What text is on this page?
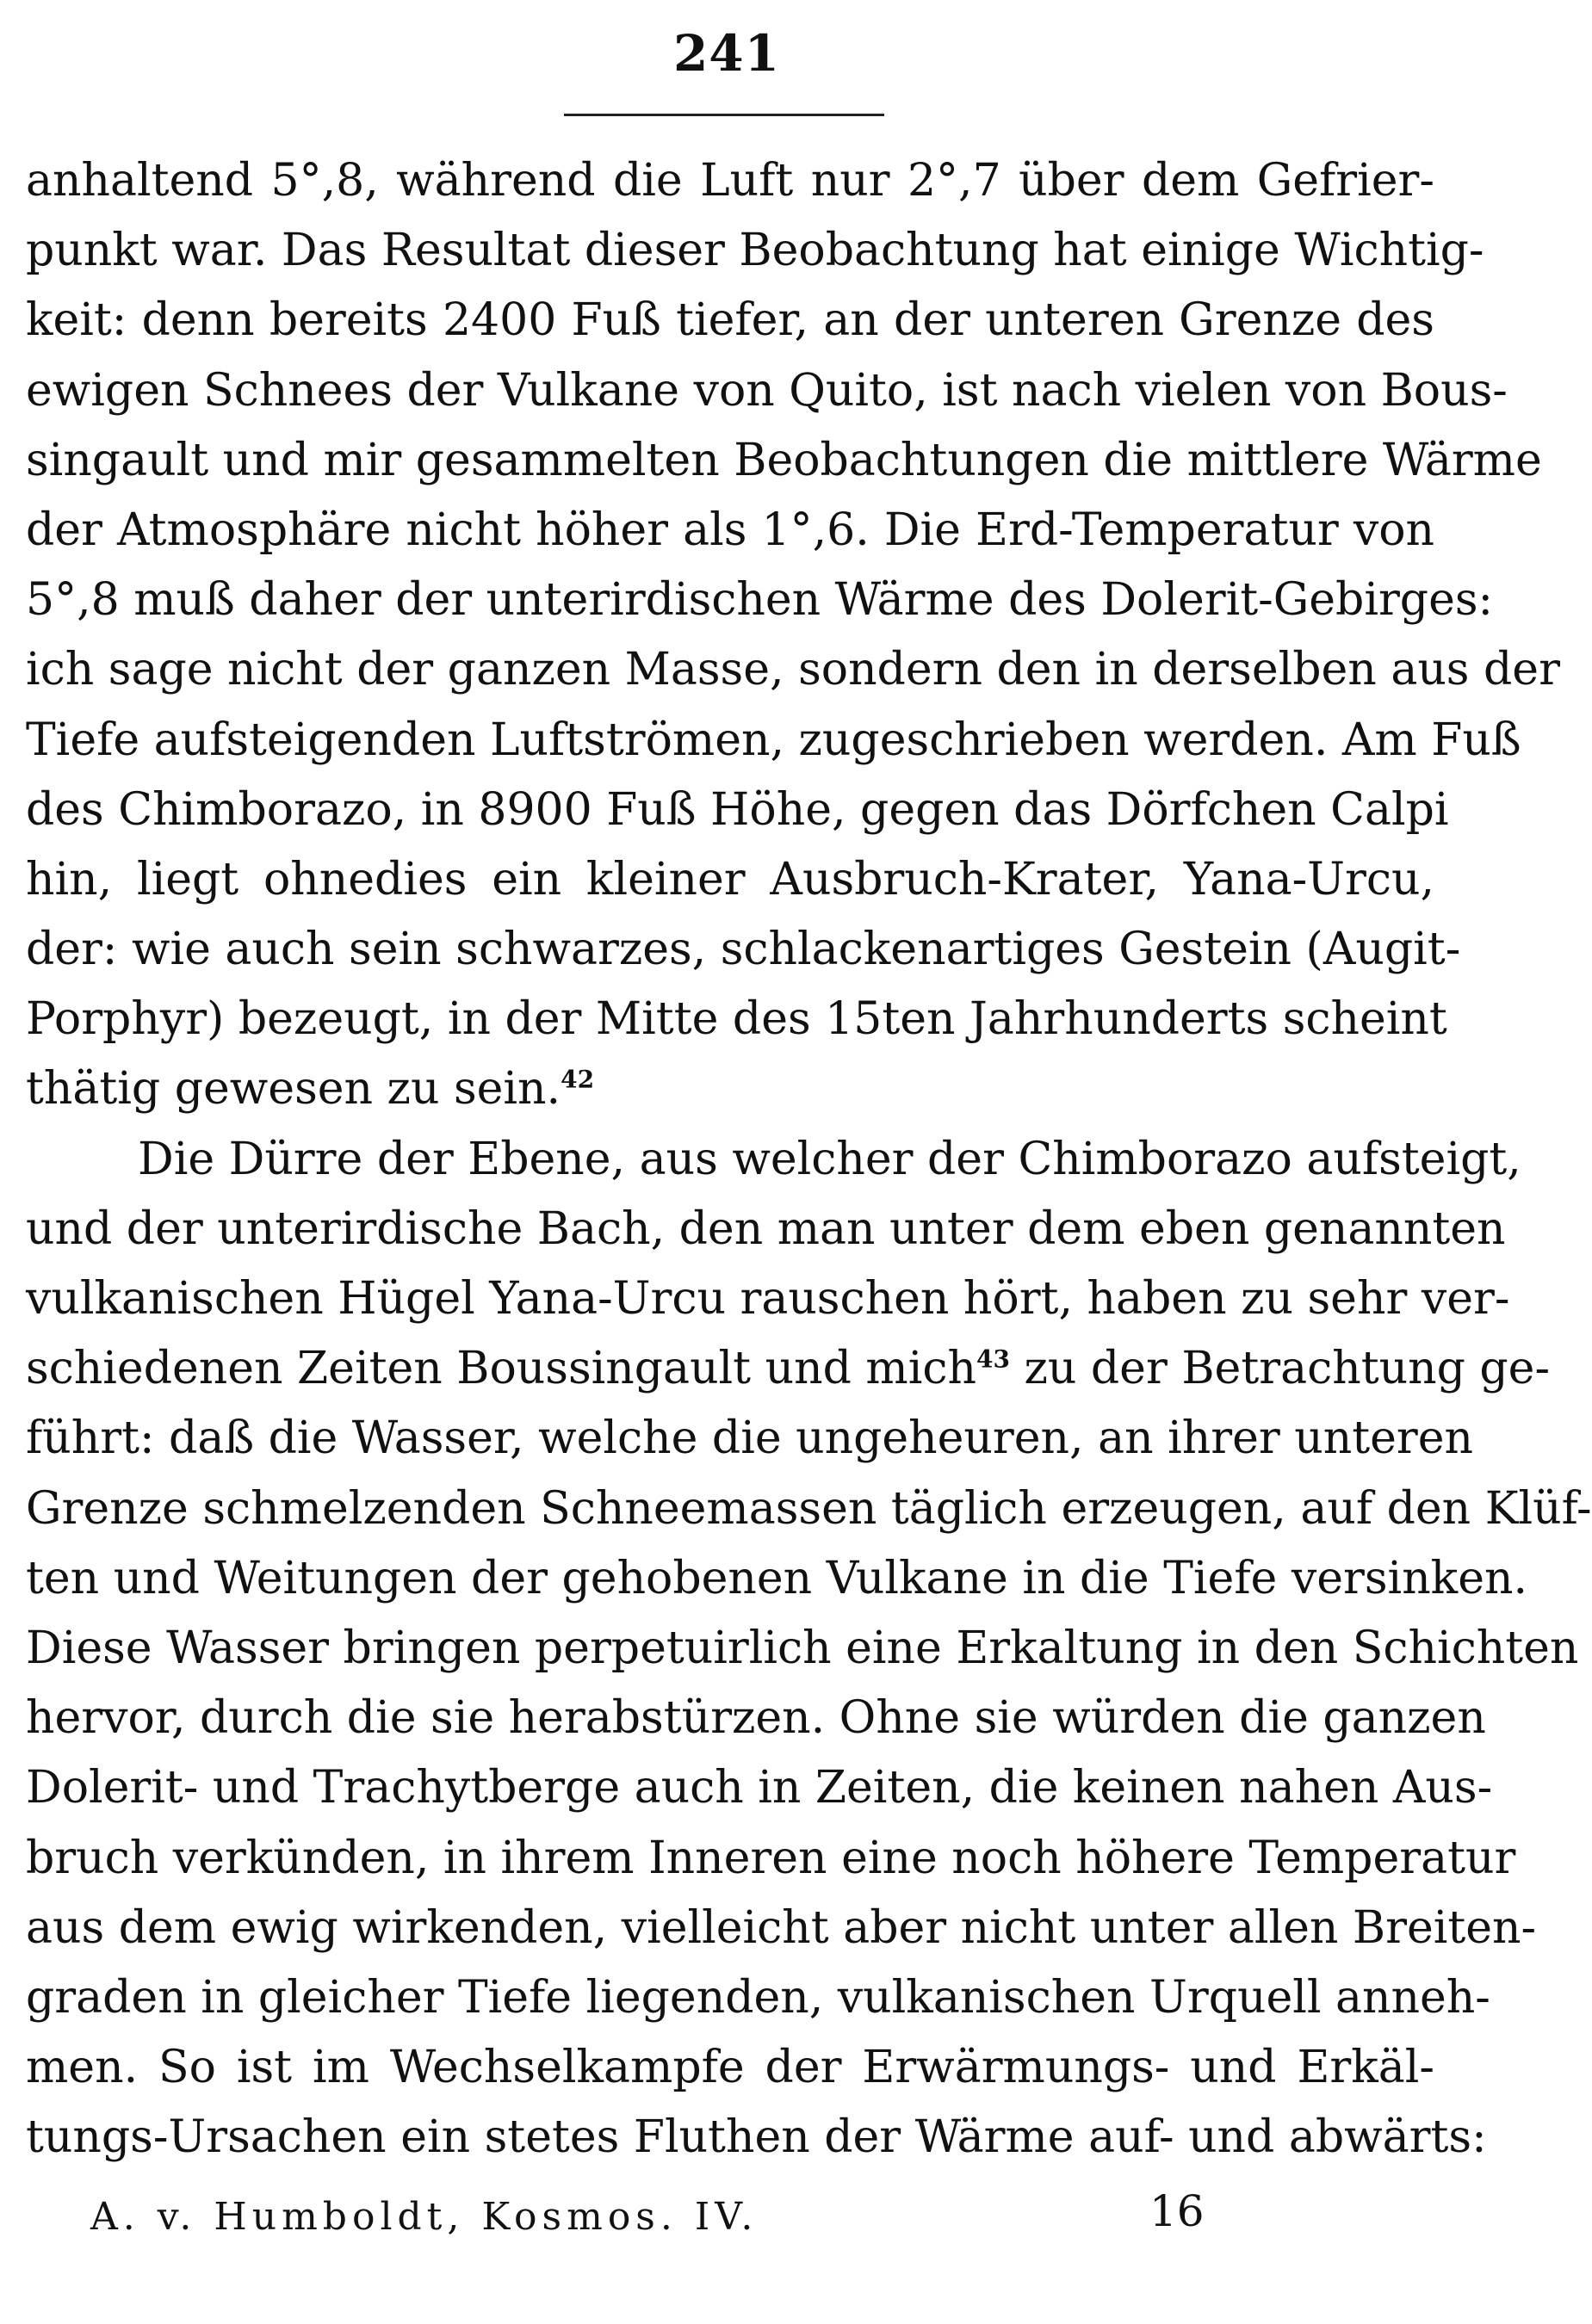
241
anhaltend 5°,8, während die Luft nur 2°,7 über dem Gefrier-
punkt war. Das Resultat dieser Beobachtung hat einige Wichtig-
keit: denn bereits 2400 Fuß tiefer, an der unteren Grenze des
ewigen Schnees der Vulkane von Quito, ist nach vielen von Bous-
singault und mir gesammelten Beobachtungen die mittlere Wärme
der Atmosphäre nicht höher als 1°,6. Die Erd-Temperatur von
5°,8 muß daher der unterirdischen Wärme des Dolerit-Gebirges:
ich sage nicht der ganzen Masse, sondern den in derselben aus der
Tiefe aufsteigenden Luftströmen, zugeschrieben werden. Am Fuß
des Chimborazo, in 8900 Fuß Höhe, gegen das Dörfchen Calpi
hin, liegt ohnedies ein kleiner Ausbruch-Krater, Yana-Urcu,
der: wie auch sein schwarzes, schlackenartiges Gestein (Augit-
Porphyr) bezeugt, in der Mitte des 15ten Jahrhunderts scheint
thätig gewesen zu sein.$^{42}$
Die Dürre der Ebene, aus welcher der Chimborazo aufsteigt,
und der unterirdische Bach, den man unter dem eben genannten
vulkanischen Hügel Yana-Urcu rauschen hört, haben zu sehr ver-
schiedenen Zeiten Boussingault und mich$^{43}$ zu der Betrachtung ge-
führt: daß die Wasser, welche die ungeheuren, an ihrer unteren
Grenze schmelzenden Schneemassen täglich erzeugen, auf den Klüf-
ten und Weitungen der gehobenen Vulkane in die Tiefe versinken.
Diese Wasser bringen perpetuirlich eine Erkaltung in den Schichten
hervor, durch die sie herabstürzen. Ohne sie würden die ganzen
Dolerit- und Trachytberge auch in Zeiten, die keinen nahen Aus-
bruch verkünden, in ihrem Inneren eine noch höhere Temperatur
aus dem ewig wirkenden, vielleicht aber nicht unter allen Breiten-
graden in gleicher Tiefe liegenden, vulkanischen Urquell anneh-
men. So ist im Wechselkampfe der Erwärmungs- und Erkäl-
tungs-Ursachen ein stetes Fluthen der Wärme auf- und abwärts:
A. v. Humboldt, Kosmos. IV.	16
